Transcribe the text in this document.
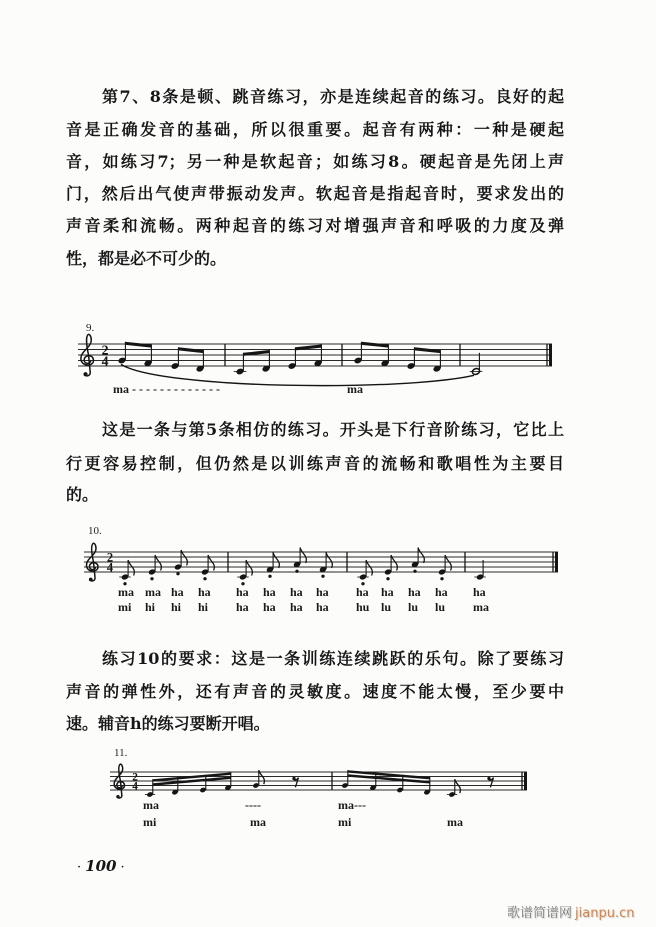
第7、8条是顿、跳音练习，亦是连续起音的练习。良好的起
音是正确发音的基础，所以很重要。起音有两种：一种是硬起
音，如练习7；另一种是软起音；如练习8。硬起音是先闭上声
门，然后出气使声带振动发声。软起音是指起音时，要求发出的
声音柔和流畅。两种起音的练习对增强声音和呼吸的力度及弹
性，都是必不可少的。
这是一条与第5条相仿的练习。开头是下行音阶练习，它比上
行更容易控制，但仍然是以训练声音的流畅和歌唱性为主要目
的。
练习10的要求：这是一条训练连续跳跃的乐句。除了要练习
声音的弹性外，还有声音的灵敏度。速度不能太慢，至少要中
速。辅音h的练习要断开唱。
9.
2
4
ma - - - - - - - - - - - - -	ma
10.
2
4
ma ma ha ha ha ha ha ha ha ha ha ha ha
mi hi hi hi ha ha ha ha hu lu lu lu ma
11.
2
4
ma	----	ma---
mi	ma	mi	ma
· 100 ·
歌谱简谱网 jianpu.cn
